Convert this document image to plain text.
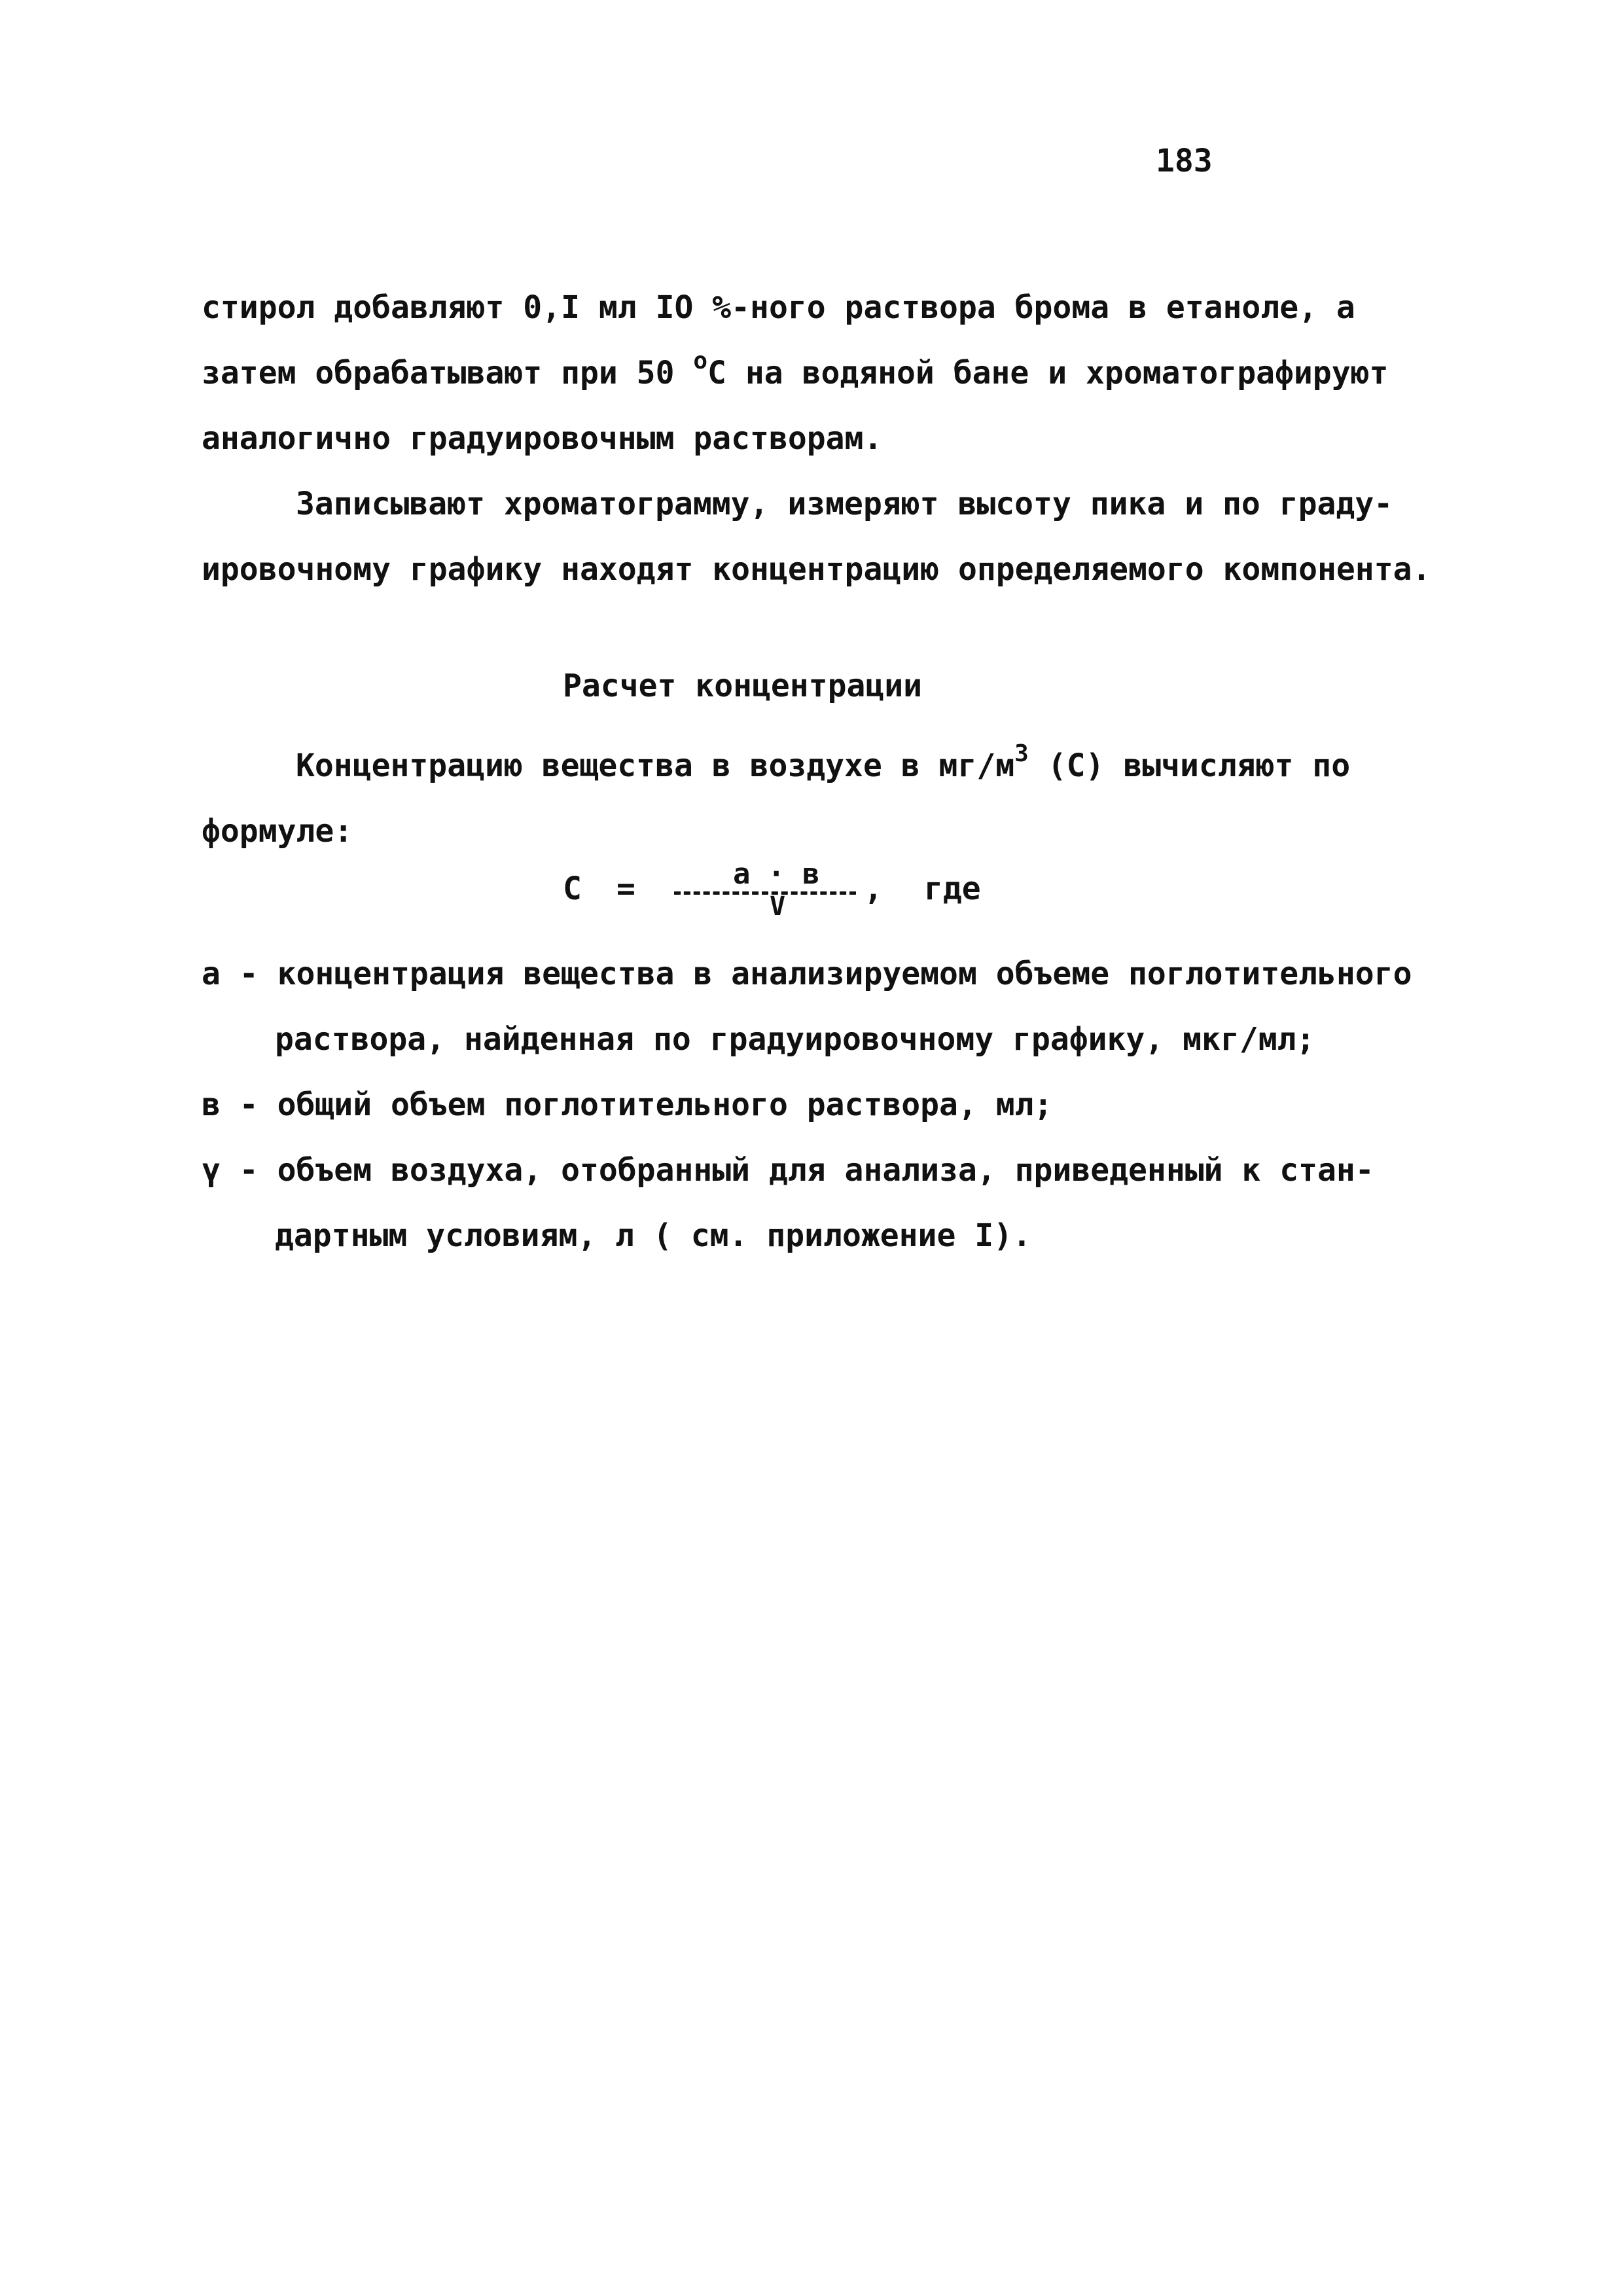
183
стирол добавляют 0,I мл IO %-ного раствора брома в етаноле, а
затем обрабатывают при 50 $^o$C на водяной бане и хроматографируют
аналогично градуировочным растворам.
Записывают хроматограмму, измеряют высоту пика и по граду-
ировочному графику находят концентрацию определяемого компонента.
Расчет концентрации
Концентрацию вещества в воздухе в $мг/м^3$ (C) вычисляют по
формуле:
C =	a · в
V , где
а - концентрация вещества в анализируемом объеме поглотительного
раствора, найденная по градуировочному графику, мкг/мл;
в - общий объем поглотительного раствора, мл;
ү - объем воздуха, отобранный для анализа, приведенный к стан-
дартным условиям, л ( см. приложение I).
